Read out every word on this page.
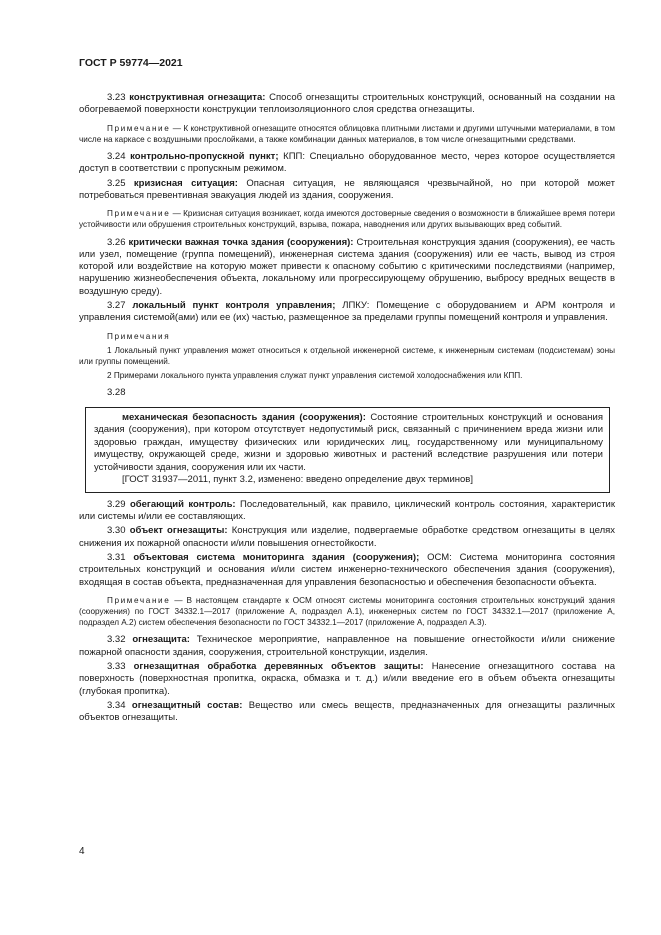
ГОСТ Р 59774—2021

3.23 конструктивная огнезащита: Способ огнезащиты строительных конструкций, основанный на создании на обогреваемой поверхности конструкции теплоизоляционного слоя средства огнезащиты.

Примечание — К конструктивной огнезащите относятся облицовка плитными листами и другими штучными материалами, в том числе на каркасе с воздушными прослойками, а также комбинации данных материалов, в том числе огнезащитными средствами.

3.24 контрольно-пропускной пункт; КПП: Специально оборудованное место, через которое осуществляется доступ в соответствии с пропускным режимом.

3.25 кризисная ситуация: Опасная ситуация, не являющаяся чрезвычайной, но при которой может потребоваться превентивная эвакуация людей из здания, сооружения.

Примечание — Кризисная ситуация возникает, когда имеются достоверные сведения о возможности в ближайшее время потери устойчивости или обрушения строительных конструкций, взрыва, пожара, наводнения или других вызывающих вред событий.

3.26 критически важная точка здания (сооружения): Строительная конструкция здания (сооружения), ее часть или узел, помещение (группа помещений), инженерная система здания (сооружения) или ее часть, вывод из строя которой или воздействие на которую может привести к опасному событию с критическими последствиями (например, нарушению жизнеобеспечения объекта, локальному или прогрессирующему обрушению, выбросу вредных веществ в воздушную среду).

3.27 локальный пункт контроля управления; ЛПКУ: Помещение с оборудованием и АРМ контроля и управления системой(ами) или ее (их) частью, размещенное за пределами группы помещений контроля и управления.

Примечания

1 Локальный пункт управления может относиться к отдельной инженерной системе, к инженерным системам (подсистемам) зоны или группы помещений.

2 Примерами локального пункта управления служат пункт управления системой холодоснабжения или КПП.

3.28

механическая безопасность здания (сооружения): Состояние строительных конструкций и основания здания (сооружения), при котором отсутствует недопустимый риск, связанный с причинением вреда жизни или здоровью граждан, имуществу физических или юридических лиц, государственному или муниципальному имуществу, окружающей среде, жизни и здоровью животных и растений вследствие разрушения или потери устойчивости здания, сооружения или их части.

[ГОСТ 31937—2011, пункт 3.2, изменено: введено определение двух терминов]

3.29 обегающий контроль: Последовательный, как правило, циклический контроль состояния, характеристик или системы и/или ее составляющих.

3.30 объект огнезащиты: Конструкция или изделие, подвергаемые обработке средством огнезащиты в целях снижения их пожарной опасности и/или повышения огнестойкости.

3.31 объектовая система мониторинга здания (сооружения); ОСМ: Система мониторинга состояния строительных конструкций и основания и/или систем инженерно-технического обеспечения здания (сооружения), входящая в состав объекта, предназначенная для управления безопасностью и обеспечения безопасности объекта.

Примечание — В настоящем стандарте к ОСМ относят системы мониторинга состояния строительных конструкций здания (сооружения) по ГОСТ 34332.1—2017 (приложение А, подраздел А.1), инженерных систем по ГОСТ 34332.1—2017 (приложение А, подраздел А.2) систем обеспечения безопасности по ГОСТ 34332.1—2017 (приложение А, подраздел А.3).

3.32 огнезащита: Техническое мероприятие, направленное на повышение огнестойкости и/или снижение пожарной опасности здания, сооружения, строительной конструкции, изделия.

3.33 огнезащитная обработка деревянных объектов защиты: Нанесение огнезащитного состава на поверхность (поверхностная пропитка, окраска, обмазка и т. д.) и/или введение его в объем объекта огнезащиты (глубокая пропитка).

3.34 огнезащитный состав: Вещество или смесь веществ, предназначенных для огнезащиты различных объектов огнезащиты.

4
